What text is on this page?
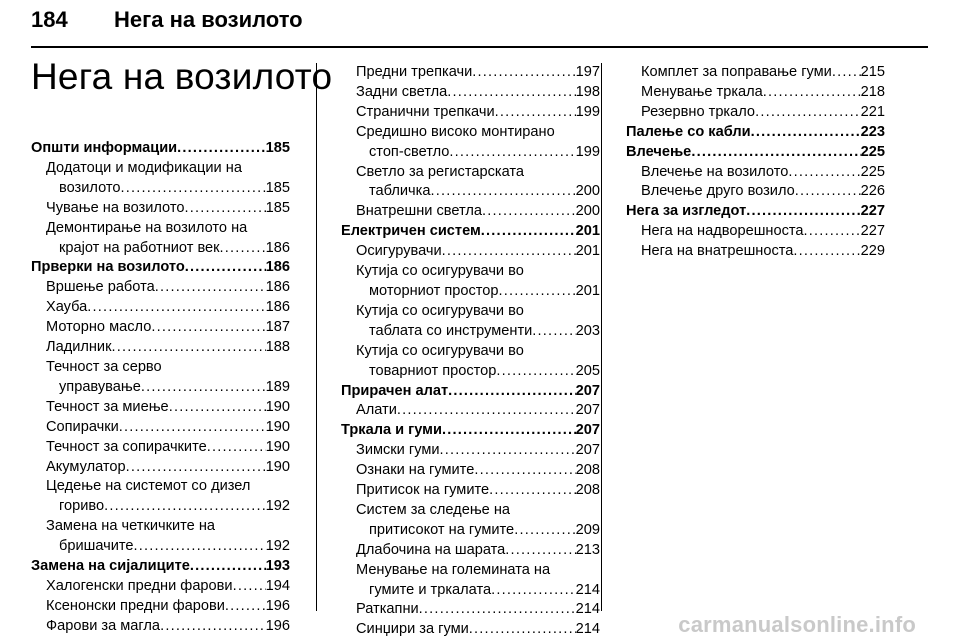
184 Нега на возилото
Нега на возилото
Општи информации .....	185
Додатоци и модификации на
возилото .....	185
Чување на возилото .....	185
Демонтирање на возилото на
крајот на работниот век .....	186
Прверки на возилото .....	186
Вршење работа .....	186
Хауба .....	186
Моторно масло .....	187
Ладилник .....	188
Течност за серво
управување .....	189
Течност за миење .....	190
Сопирачки .....	190
Течност за сопирачките .....	190
Акумулатор .....	190
Цедење на системот со дизел
гориво .....	192
Замена на четкичките на
бришачите .....	192
Замена на сијалиците .....	193
Халогенски предни фарови ..... 194
Ксенонски предни фарови .....	196
Фарови за магла .....	196
Предни трепкачи .....	197
Задни светла .....	198
Странични трепкачи .....	199
Средишно високо монтирано
стоп-светло .....	199
Светло за регистарската
табличка .....	200
Внатрешни светла .....	200
Електричен систем .....	201
Осигурувачи .....	201
Кутија со осигурувачи во
моторниот простор .....	201
Кутија со осигурувачи во
таблата со инструменти .....	203
Кутија со осигурувачи во
товарниот простор .....	205
Прирачен алат .....	207
Алати .....	207
Тркала и гуми .....	207
Зимски гуми .....	207
Ознаки на гумите .....	208
Притисок на гумите .....	208
Систем за следење на
притисокот на гумите .....	209
Длабочина на шарата .....	213
Менување на големината на
гумите и тркалата .....	214
Раткапни .....	214
Синџири за гуми .....	214
Комплет за поправање гуми ..... 215
Менување тркала .....	218
Резервно тркало .....	221
Палење со кабли .....	223
Влечење .....	225
Влечење на возилото .....	225
Влечење друго возило .....	226
Нега за изгледот .....	227
Нега на надворешноста .....	227
Нега на внатрешноста .....	229
carmanualsonline.info
